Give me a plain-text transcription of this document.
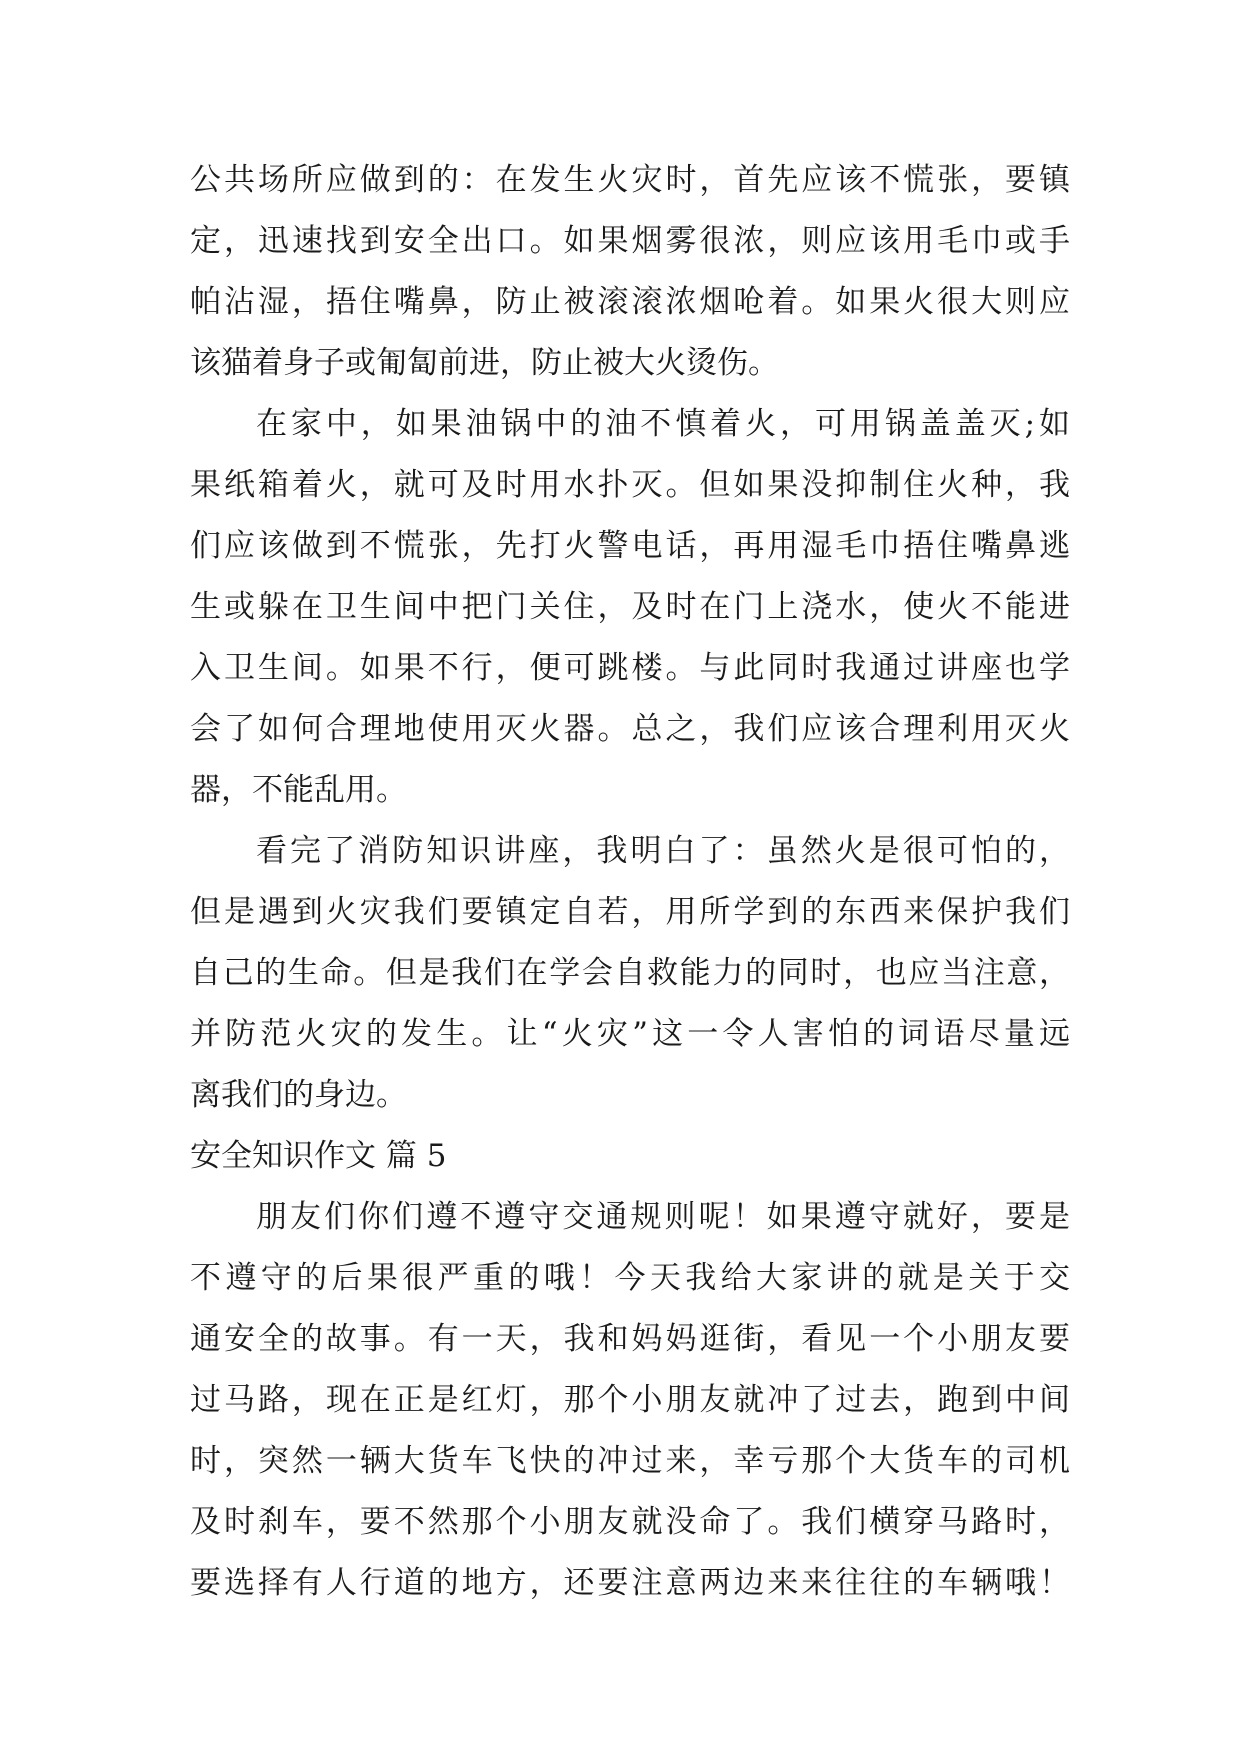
公共场所应做到的：在发生火灾时，首先应该不慌张，要镇
定，迅速找到安全出口。如果烟雾很浓，则应该用毛巾或手
帕沾湿，捂住嘴鼻，防止被滚滚浓烟呛着。如果火很大则应
该猫着身子或匍匐前进，防止被大火烫伤。
在家中，如果油锅中的油不慎着火，可用锅盖盖灭;如
果纸箱着火，就可及时用水扑灭。但如果没抑制住火种，我
们应该做到不慌张，先打火警电话，再用湿毛巾捂住嘴鼻逃
生或躲在卫生间中把门关住，及时在门上浇水，使火不能进
入卫生间。如果不行，便可跳楼。与此同时我通过讲座也学
会了如何合理地使用灭火器。总之，我们应该合理利用灭火
器，不能乱用。
看完了消防知识讲座，我明白了：虽然火是很可怕的，
但是遇到火灾我们要镇定自若，用所学到的东西来保护我们
自己的生命。但是我们在学会自救能力的同时，也应当注意，
并防范火灾的发生。让“火灾”这一令人害怕的词语尽量远
离我们的身边。
安全知识作文 篇 5
朋友们你们遵不遵守交通规则呢！如果遵守就好，要是
不遵守的后果很严重的哦！今天我给大家讲的就是关于交
通安全的故事。有一天，我和妈妈逛街，看见一个小朋友要
过马路，现在正是红灯，那个小朋友就冲了过去，跑到中间
时，突然一辆大货车飞快的冲过来，幸亏那个大货车的司机
及时刹车，要不然那个小朋友就没命了。我们横穿马路时，
要选择有人行道的地方，还要注意两边来来往往的车辆哦！
